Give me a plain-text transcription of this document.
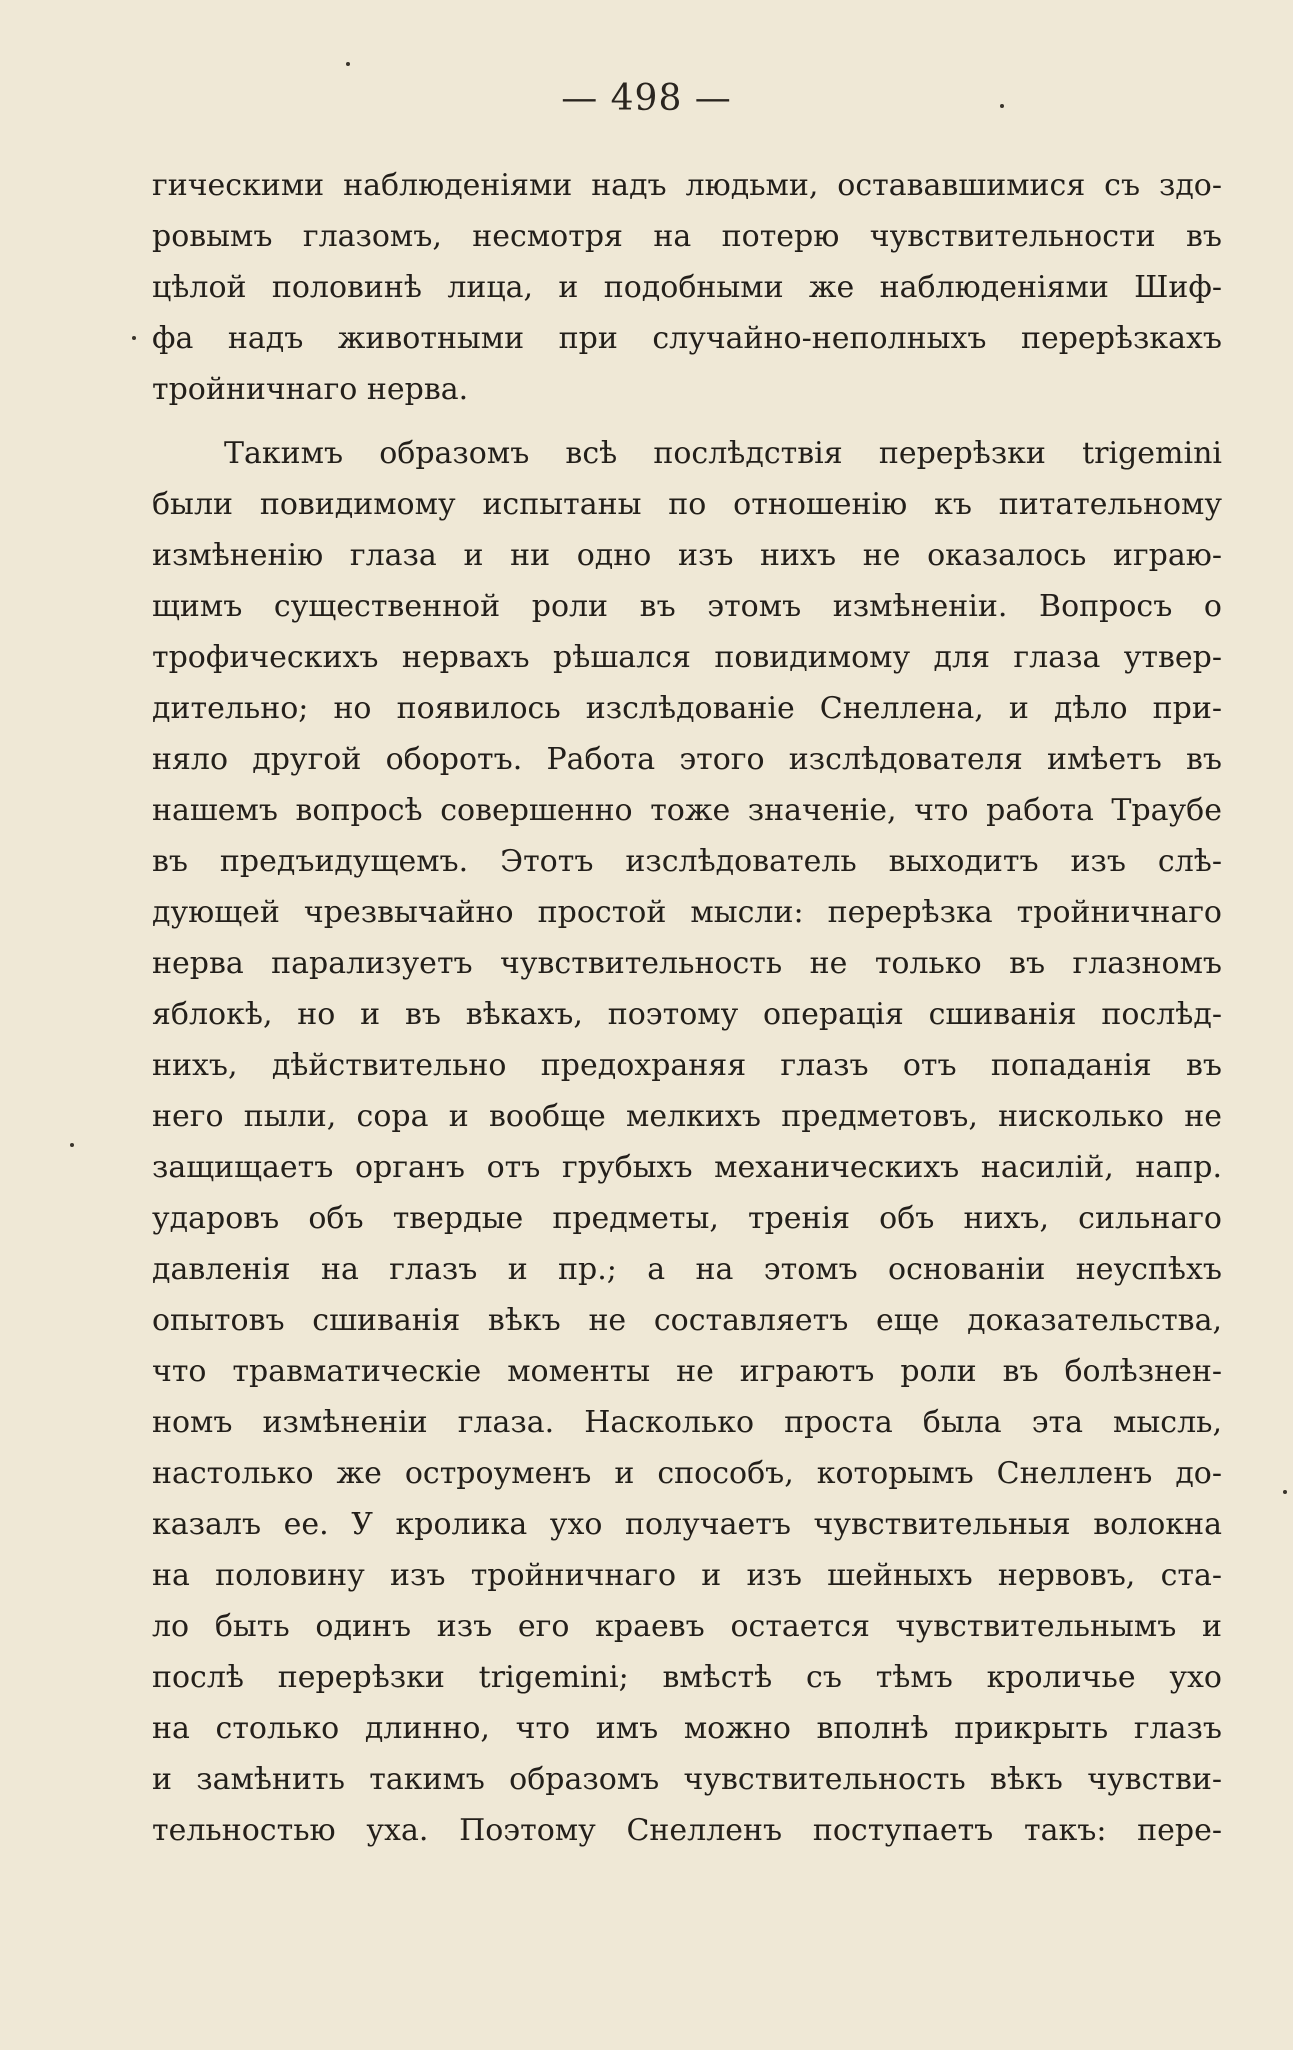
— 498 —
гическими наблюденiями надъ людьми, остававшимися съ здо-
ровымъ глазомъ, несмотря на потерю чувствительности въ
цѣлой половинѣ лица, и подобными же наблюденiями Шиф-
фа надъ животными при случайно-неполныхъ перерѣзкахъ
тройничнаго нерва.
Такимъ образомъ всѣ послѣдствiя перерѣзки trigemini
были повидимому испытаны по отношенiю къ питательному
измѣненiю глаза и ни одно изъ нихъ не оказалось играю-
щимъ существенной роли въ этомъ измѣненiи. Вопросъ о
трофическихъ нервахъ рѣшался повидимому для глаза утвер-
дительно; но появилось изслѣдованiе Снеллена, и дѣло при-
няло другой оборотъ. Работа этого изслѣдователя имѣетъ въ
нашемъ вопросѣ совершенно тоже значенiе, что работа Траубе
въ предъидущемъ. Этотъ изслѣдователь выходитъ изъ слѣ-
дующей чрезвычайно простой мысли: перерѣзка тройничнаго
нерва парализуетъ чувствительность не только въ глазномъ
яблокѣ, но и въ вѣкахъ, поэтому операцiя сшиванiя послѣд-
нихъ, дѣйствительно предохраняя глазъ отъ попаданiя въ
него пыли, сора и вообще мелкихъ предметовъ, нисколько не
защищаетъ органъ отъ грубыхъ механическихъ насилiй, напр.
ударовъ объ твердые предметы, тренiя объ нихъ, сильнаго
давленiя на глазъ и пр.; а на этомъ основанiи неуспѣхъ
опытовъ сшиванiя вѣкъ не составляетъ еще доказательства,
что травматическiе моменты не играютъ роли въ болѣзнен-
номъ измѣненiи глаза. Насколько проста была эта мысль,
настолько же остроуменъ и способъ, которымъ Снелленъ до-
казалъ ее. У кролика ухо получаетъ чувствительныя волокна
на половину изъ тройничнаго и изъ шейныхъ нервовъ, ста-
ло быть одинъ изъ его краевъ остается чувствительнымъ и
послѣ перерѣзки trigemini; вмѣстѣ съ тѣмъ кроличье ухо
на столько длинно, что имъ можно вполнѣ прикрыть глазъ
и замѣнить такимъ образомъ чувствительность вѣкъ чувстви-
тельностью уха. Поэтому Снелленъ поступаетъ такъ: пере-
